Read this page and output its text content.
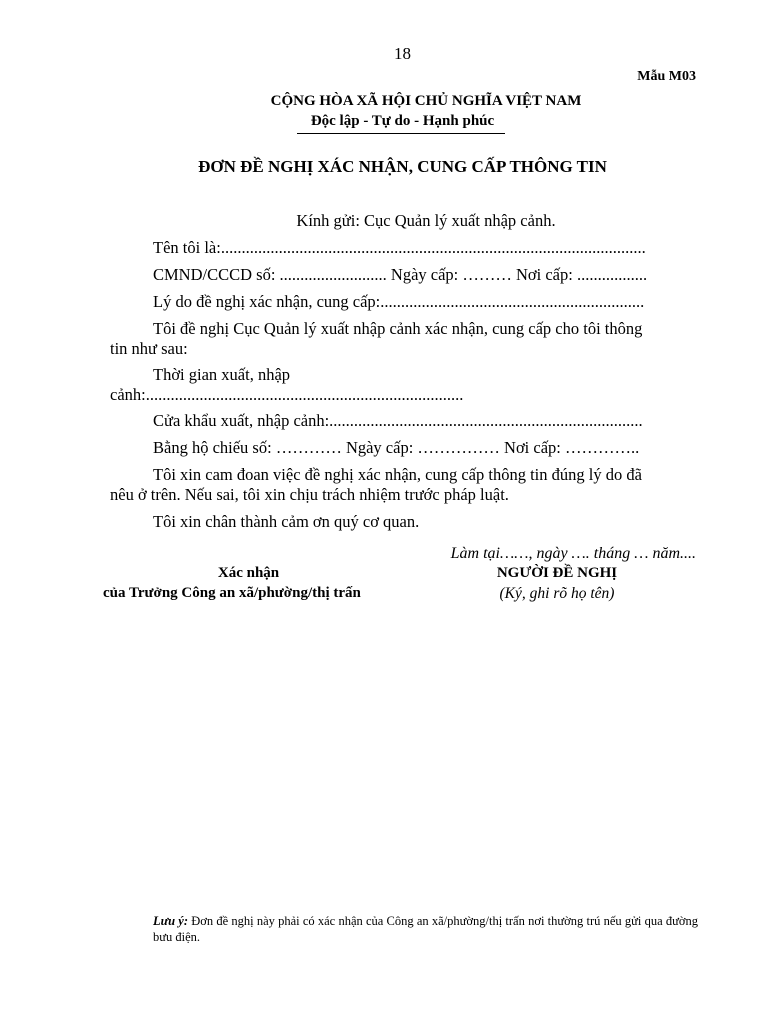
18
Mẫu M03
CỘNG HÒA XÃ HỘI CHỦ NGHĨA VIỆT NAM
Độc lập - Tự do - Hạnh phúc
ĐƠN ĐỀ NGHỊ XÁC NHẬN, CUNG CẤP THÔNG TIN
Kính gửi: Cục Quản lý xuất nhập cảnh.
Tên tôi là:.......................................................................................................
CMND/CCCD số: .......................... Ngày cấp: ……… Nơi cấp: .................
Lý do đề nghị xác nhận, cung cấp:................................................................
Tôi đề nghị Cục Quản lý xuất nhập cảnh xác nhận, cung cấp cho tôi thông
tin như sau:
Thời gian xuất, nhập
cảnh:.............................................................................
Cửa khẩu xuất, nhập cảnh:............................................................................
Bằng hộ chiếu số: ………… Ngày cấp: …………… Nơi cấp: …………..
Tôi xin cam đoan việc đề nghị xác nhận, cung cấp thông tin đúng lý do đã
nêu ở trên. Nếu sai, tôi xin chịu trách nhiệm trước pháp luật.
Tôi xin chân thành cảm ơn quý cơ quan.
Làm tại……, ngày …. tháng … năm....
Xác nhận
của Trưởng Công an xã/phường/thị trấn
NGƯỜI ĐỀ NGHỊ
(Ký, ghi rõ họ tên)
Lưu ý: Đơn đề nghị này phải có xác nhận của Công an xã/phường/thị trấn nơi thường trú nếu gửi qua đường bưu điện.
